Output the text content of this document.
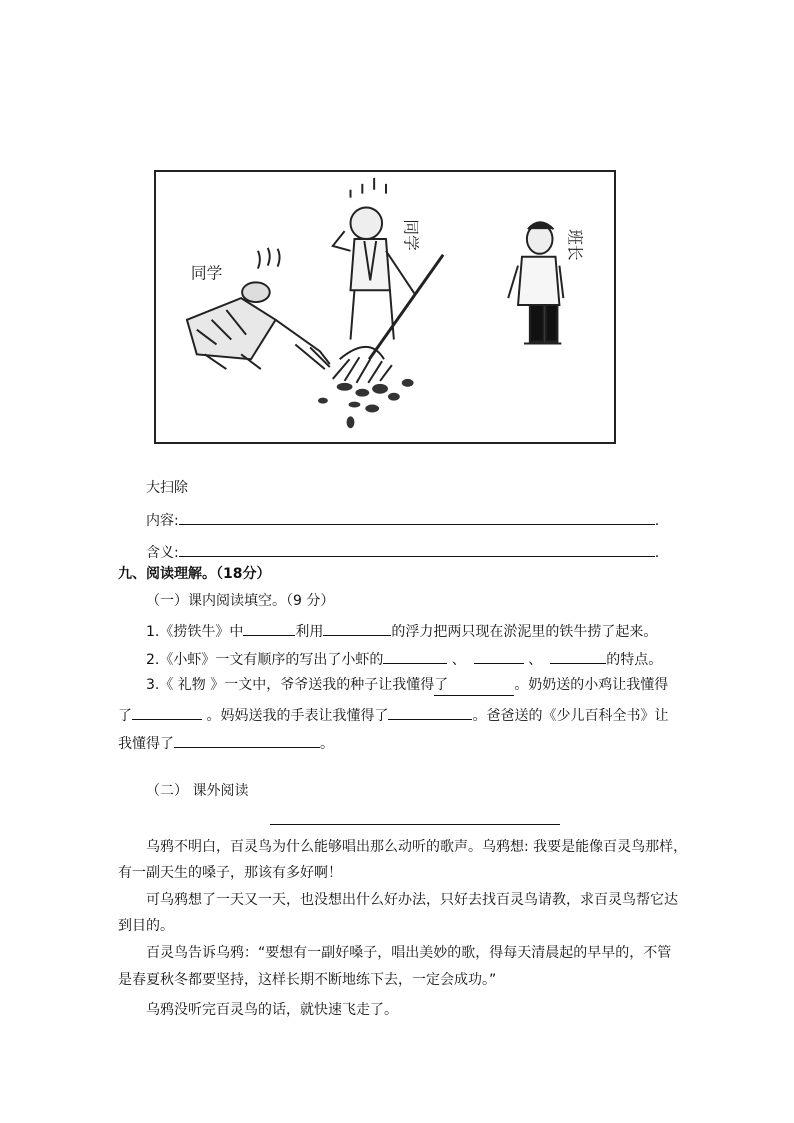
同学
同学	班长
大扫除
内容:	.
含义:	.
九、阅读理解。（18分）
（一）课内阅读填空。（9 分）
1.《捞铁牛》中	利用	的浮力把两只现在淤泥里的铁牛捞了起来。
2.《小虾》一文有顺序的写出了小虾的	、	、	的特点。
3.《 礼物 》一文中，爷爷送我的种子让我懂得了	。奶奶送的小鸡让我懂得
了	。妈妈送我的手表让我懂得了	。爸爸送的《少儿百科全书》让
我懂得了	。
（二） 课外阅读
乌鸦不明白，百灵鸟为什么能够唱出那么动听的歌声。乌鸦想: 我要是能像百灵鸟那样，
有一副天生的嗓子，那该有多好啊！
可乌鸦想了一天又一天，也没想出什么好办法，只好去找百灵鸟请教，求百灵鸟帮它达
到目的。
百灵鸟告诉乌鸦：“要想有一副好嗓子，唱出美妙的歌，得每天清晨起的早早的，不管
是春夏秋冬都要坚持，这样长期不断地练下去，一定会成功。”
乌鸦没听完百灵鸟的话，就快速飞走了。
